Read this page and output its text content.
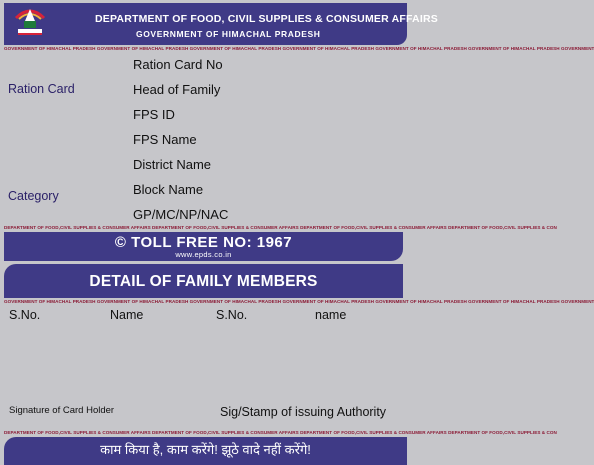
DEPARTMENT OF FOOD, CIVIL SUPPLIES & CONSUMER AFFAIRS
GOVERNMENT OF HIMACHAL PRADESH
GOVERNMENT OF HIMACHAL PRADESH GOVERNMENT OF HIMACHAL PRADESH GOVERNMENT OF HIMACHAL PRADESH GOVERNMENT OF HIMACHAL PRADESH GOVERNMENT OF HIMACHAL PRADESH GOVERNMENT OF HIMACHAL PRADESH GOVERNMENT
Ration Card
Category
Ration Card No
Head of Family
FPS ID
FPS Name
District Name
Block Name
GP/MC/NP/NAC
DEPARTMENT OF FOOD,CIVIL SUPPLIES & CONSUMER AFFAIRS DEPARTMENT OF FOOD,CIVIL SUPPLIES & CONSUMER AFFAIRS DEPARTMENT OF FOOD,CIVIL SUPPLIES & CONSUMER AFFAIRS DEPARTMENT OF FOOD,CIVIL SUPPLIES & CON
© TOLL FREE NO: 1967
www.epds.co.in
DETAIL OF FAMILY MEMBERS
GOVERNMENT OF HIMACHAL PRADESH GOVERNMENT OF HIMACHAL PRADESH GOVERNMENT OF HIMACHAL PRADESH GOVERNMENT OF HIMACHAL PRADESH GOVERNMENT OF HIMACHAL PRADESH GOVERNMENT OF HIMACHAL PRADESH GOVERNMENT
S.No.	Name	S.No.	name
Signature of Card Holder	Sig/Stamp of issuing Authority
DEPARTMENT OF FOOD,CIVIL SUPPLIES & CONSUMER AFFAIRS DEPARTMENT OF FOOD,CIVIL SUPPLIES & CONSUMER AFFAIRS DEPARTMENT OF FOOD,CIVIL SUPPLIES & CONSUMER AFFAIRS DEPARTMENT OF FOOD,CIVIL SUPPLIES & CON
काम किया है, काम करेंगे! झूठे वादे नहीं करेंगे!
